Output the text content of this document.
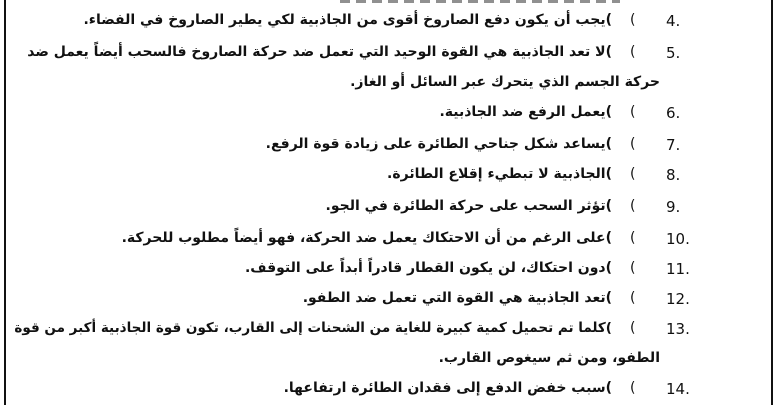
4.
(
)يجب أن يكون دفع الصاروخ أقوى من الجاذبية لكي يطير الصاروخ في الفضاء.
5.
(
)لا تعد الجاذبية هي القوة الوحيد التي تعمل ضد حركة الصاروخ فالسحب أيضاً يعمل ضد
حركة الجسم الذي يتحرك عبر السائل أو الغاز.
6.
(
)يعمل الرفع ضد الجاذبية.
7.
(
)يساعد شكل جناحي الطائرة على زيادة قوة الرفع.
8.
(
)الجاذبية لا تبطيء إقلاع الطائرة.
9.
(
)تؤثر السحب على حركة الطائرة في الجو.
10.
(
)على الرغم من أن الاحتكاك يعمل ضد الحركة، فهو أيضاً مطلوب للحركة.
11.
(
)دون احتكاك، لن يكون القطار قادراً أبداً على التوقف.
12.
(
)تعد الجاذبية هي القوة التي تعمل ضد الطفو.
13.
(
)كلما تم تحميل كمية كبيرة للغاية من الشحنات إلى القارب، تكون قوة الجاذبية أكبر من قوة
الطفو، ومن ثم سيغوص القارب.
14.
(
)سبب خفض الدفع إلى فقدان الطائرة ارتفاعها.
